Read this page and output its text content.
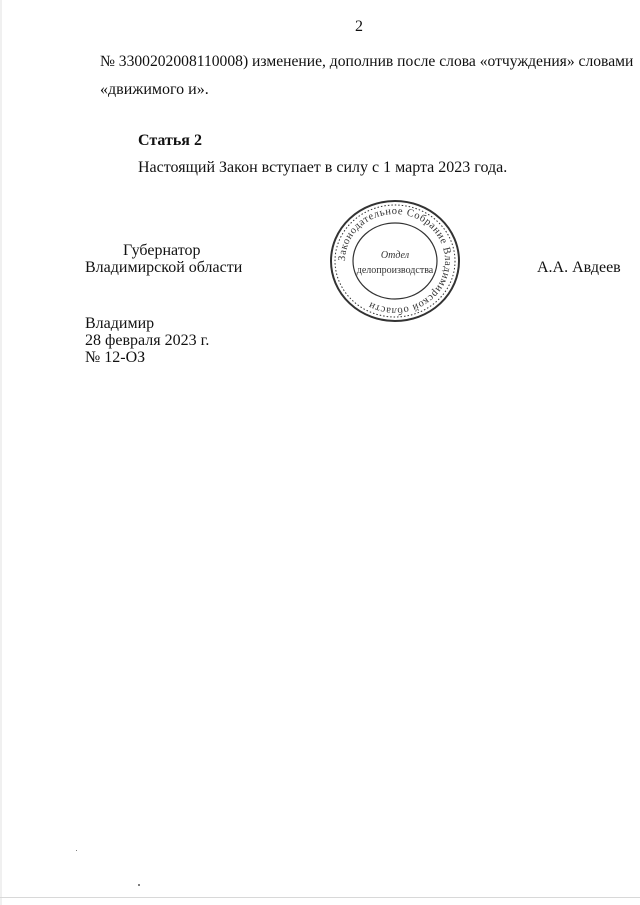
2
№ 3300202008110008) изменение, дополнив после слова «отчуждения» словами
«движимого и».
Статья 2
Настоящий Закон вступает в силу с 1 марта 2023 года.
Губернатор
Владимирской области	А.А. Авдеев
Законодательное Собрание Владимирской области
Отдел
делопроизводства
Владимир
28 февраля 2023 г.
№ 12-ОЗ
